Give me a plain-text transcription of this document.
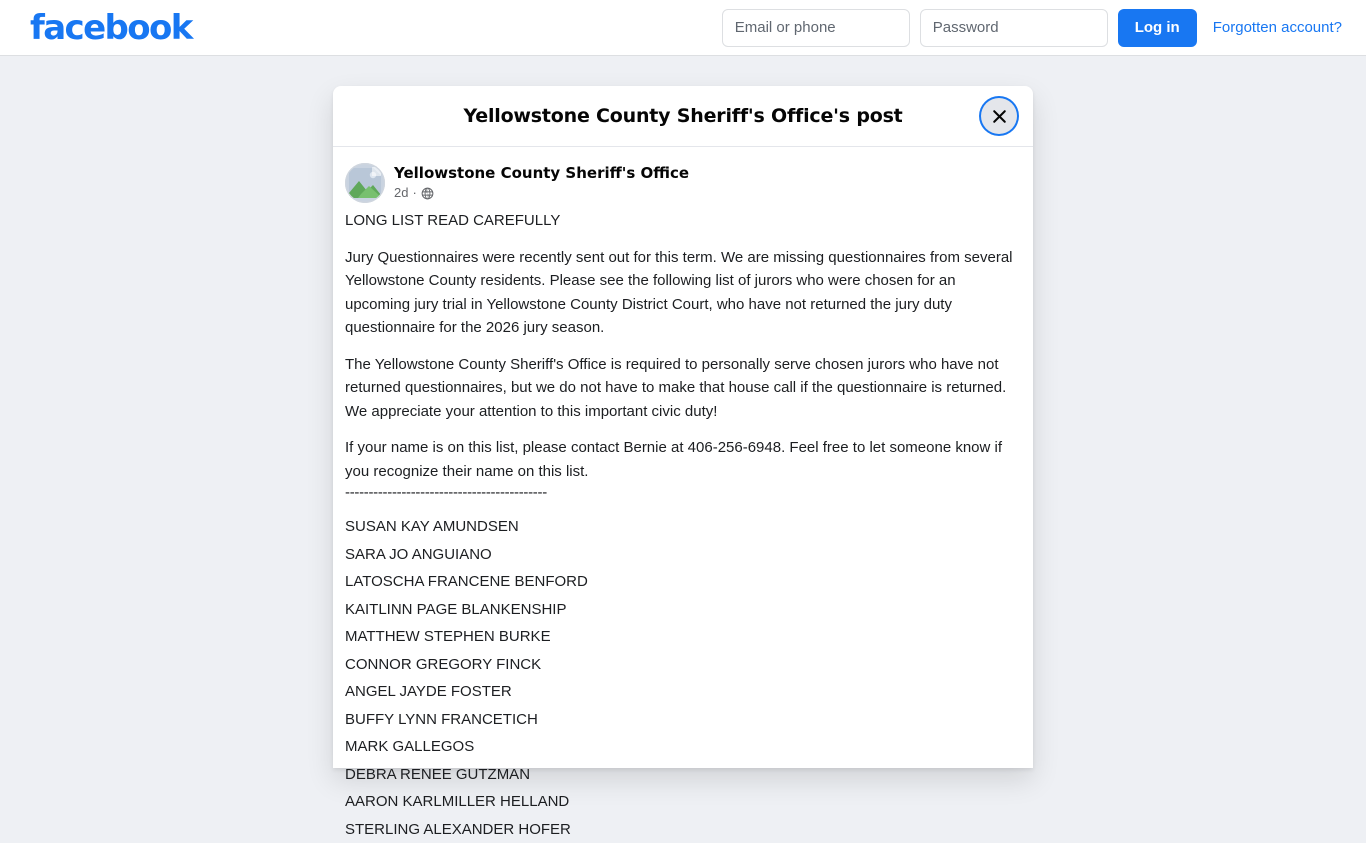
facebook
Email or phone	Log in	Forgotten account?
Yellowstone County Sheriff's Office's post
Yellowstone County Sheriff's Office
2d ·

LONG LIST READ CAREFULLY

Jury Questionnaires were recently sent out for this term. We are missing questionnaires from several Yellowstone County residents. Please see the following list of jurors who were chosen for an upcoming jury trial in Yellowstone County District Court, who have not returned the jury duty questionnaire for the 2026 jury season.

The Yellowstone County Sheriff's Office is required to personally serve chosen jurors who have not returned questionnaires, but we do not have to make that house call if the questionnaire is returned. We appreciate your attention to this important civic duty!

If your name is on this list, please contact Bernie at 406-256-6948. Feel free to let someone know if you recognize their name on this list.

-------------------------------------------
SUSAN KAY AMUNDSEN
SARA JO ANGUIANO
LATOSCHA FRANCENE BENFORD
KAITLINN PAGE BLANKENSHIP
MATTHEW STEPHEN BURKE
CONNOR GREGORY FINCK
ANGEL JAYDE FOSTER
BUFFY LYNN FRANCETICH
MARK GALLEGOS
DEBRA RENEE GUTZMAN
AARON KARLMILLER HELLAND
STERLING ALEXANDER HOFER
